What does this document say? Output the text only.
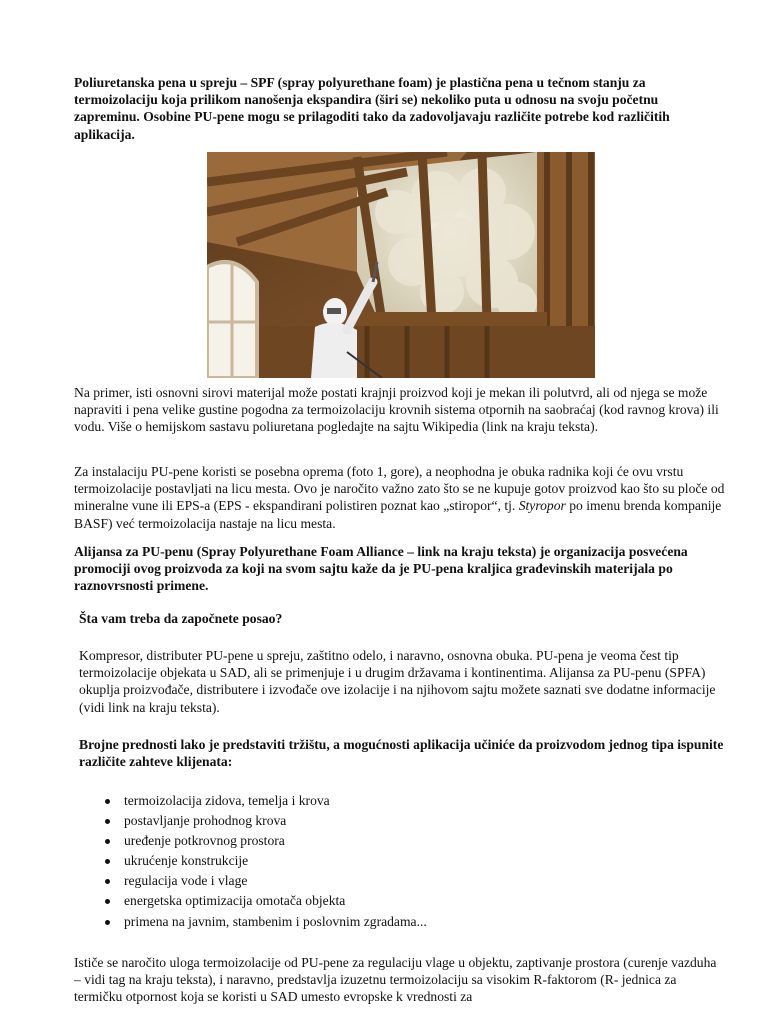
Poliuretanska pena u spreju – SPF (spray polyurethane foam) je plastična pena u tečnom stanju za termoizolaciju koja prilikom nanošenja ekspandira (širi se) nekoliko puta u odnosu na svoju početnu zapreminu. Osobine PU-pene mogu se prilagoditi tako da zadovoljavaju različite potrebe kod različitih aplikacija.

Na primer, isti osnovni sirovi materijal može postati krajnji proizvod koji je mekan ili polutvrd, ali od njega se može napraviti i pena velike gustine pogodna za termoizolaciju krovnih sistema otpornih na saobraćaj (kod ravnog krova) ili vodu. Više o hemijskom sastavu poliuretana pogledajte na sajtu Wikipedia (link na kraju teksta).

Za instalaciju PU-pene koristi se posebna oprema (foto 1, gore), a neophodna je obuka radnika koji će ovu vrstu termoizolacije postavljati na licu mesta. Ovo je naročito važno zato što se ne kupuje gotov proizvod kao što su ploče od mineralne vune ili EPS-a (EPS - ekspandirani polistiren poznat kao „stiropor“, tj. Styropor po imenu brenda kompanije BASF) već termoizolacija nastaje na licu mesta.

Alijansa za PU-penu (Spray Polyurethane Foam Alliance – link na kraju teksta) je organizacija posvećena promociji ovog proizvoda za koji na svom sajtu kaže da je PU-pena kraljica građevinskih materijala po raznovrsnosti primene.

Šta vam treba da započnete posao?

Kompresor, distributer PU-pene u spreju, zaštitno odelo, i naravno, osnovna obuka. PU-pena je veoma čest tip termoizolacije objekata u SAD, ali se primenjuje i u drugim državama i kontinentima. Alijansa za PU-penu (SPFA) okuplja proizvođače, distributere i izvođače ove izolacije i na njihovom sajtu možete saznati sve dodatne informacije (vidi link na kraju teksta).

Brojne prednosti lako je predstaviti tržištu, a mogućnosti aplikacija učiniće da proizvodom jednog tipa ispunite različite zahteve klijenata:

termoizolacija zidova, temelja i krova
postavljanje prohodnog krova
uređenje potkrovnog prostora
ukrućenje konstrukcije
regulacija vode i vlage
energetska optimizacija omotača objekta
primena na javnim, stambenim i poslovnim zgradama...

Ističe se naročito uloga termoizolacije od PU-pene za regulaciju vlage u objektu, zaptivanje prostora (curenje vazduha – vidi tag na kraju teksta), i naravno, predstavlja izuzetnu termoizolaciju sa visokim R-faktorom (R- jednica za termičku otpornost koja se koristi u SAD umesto evropske k vrednosti za
